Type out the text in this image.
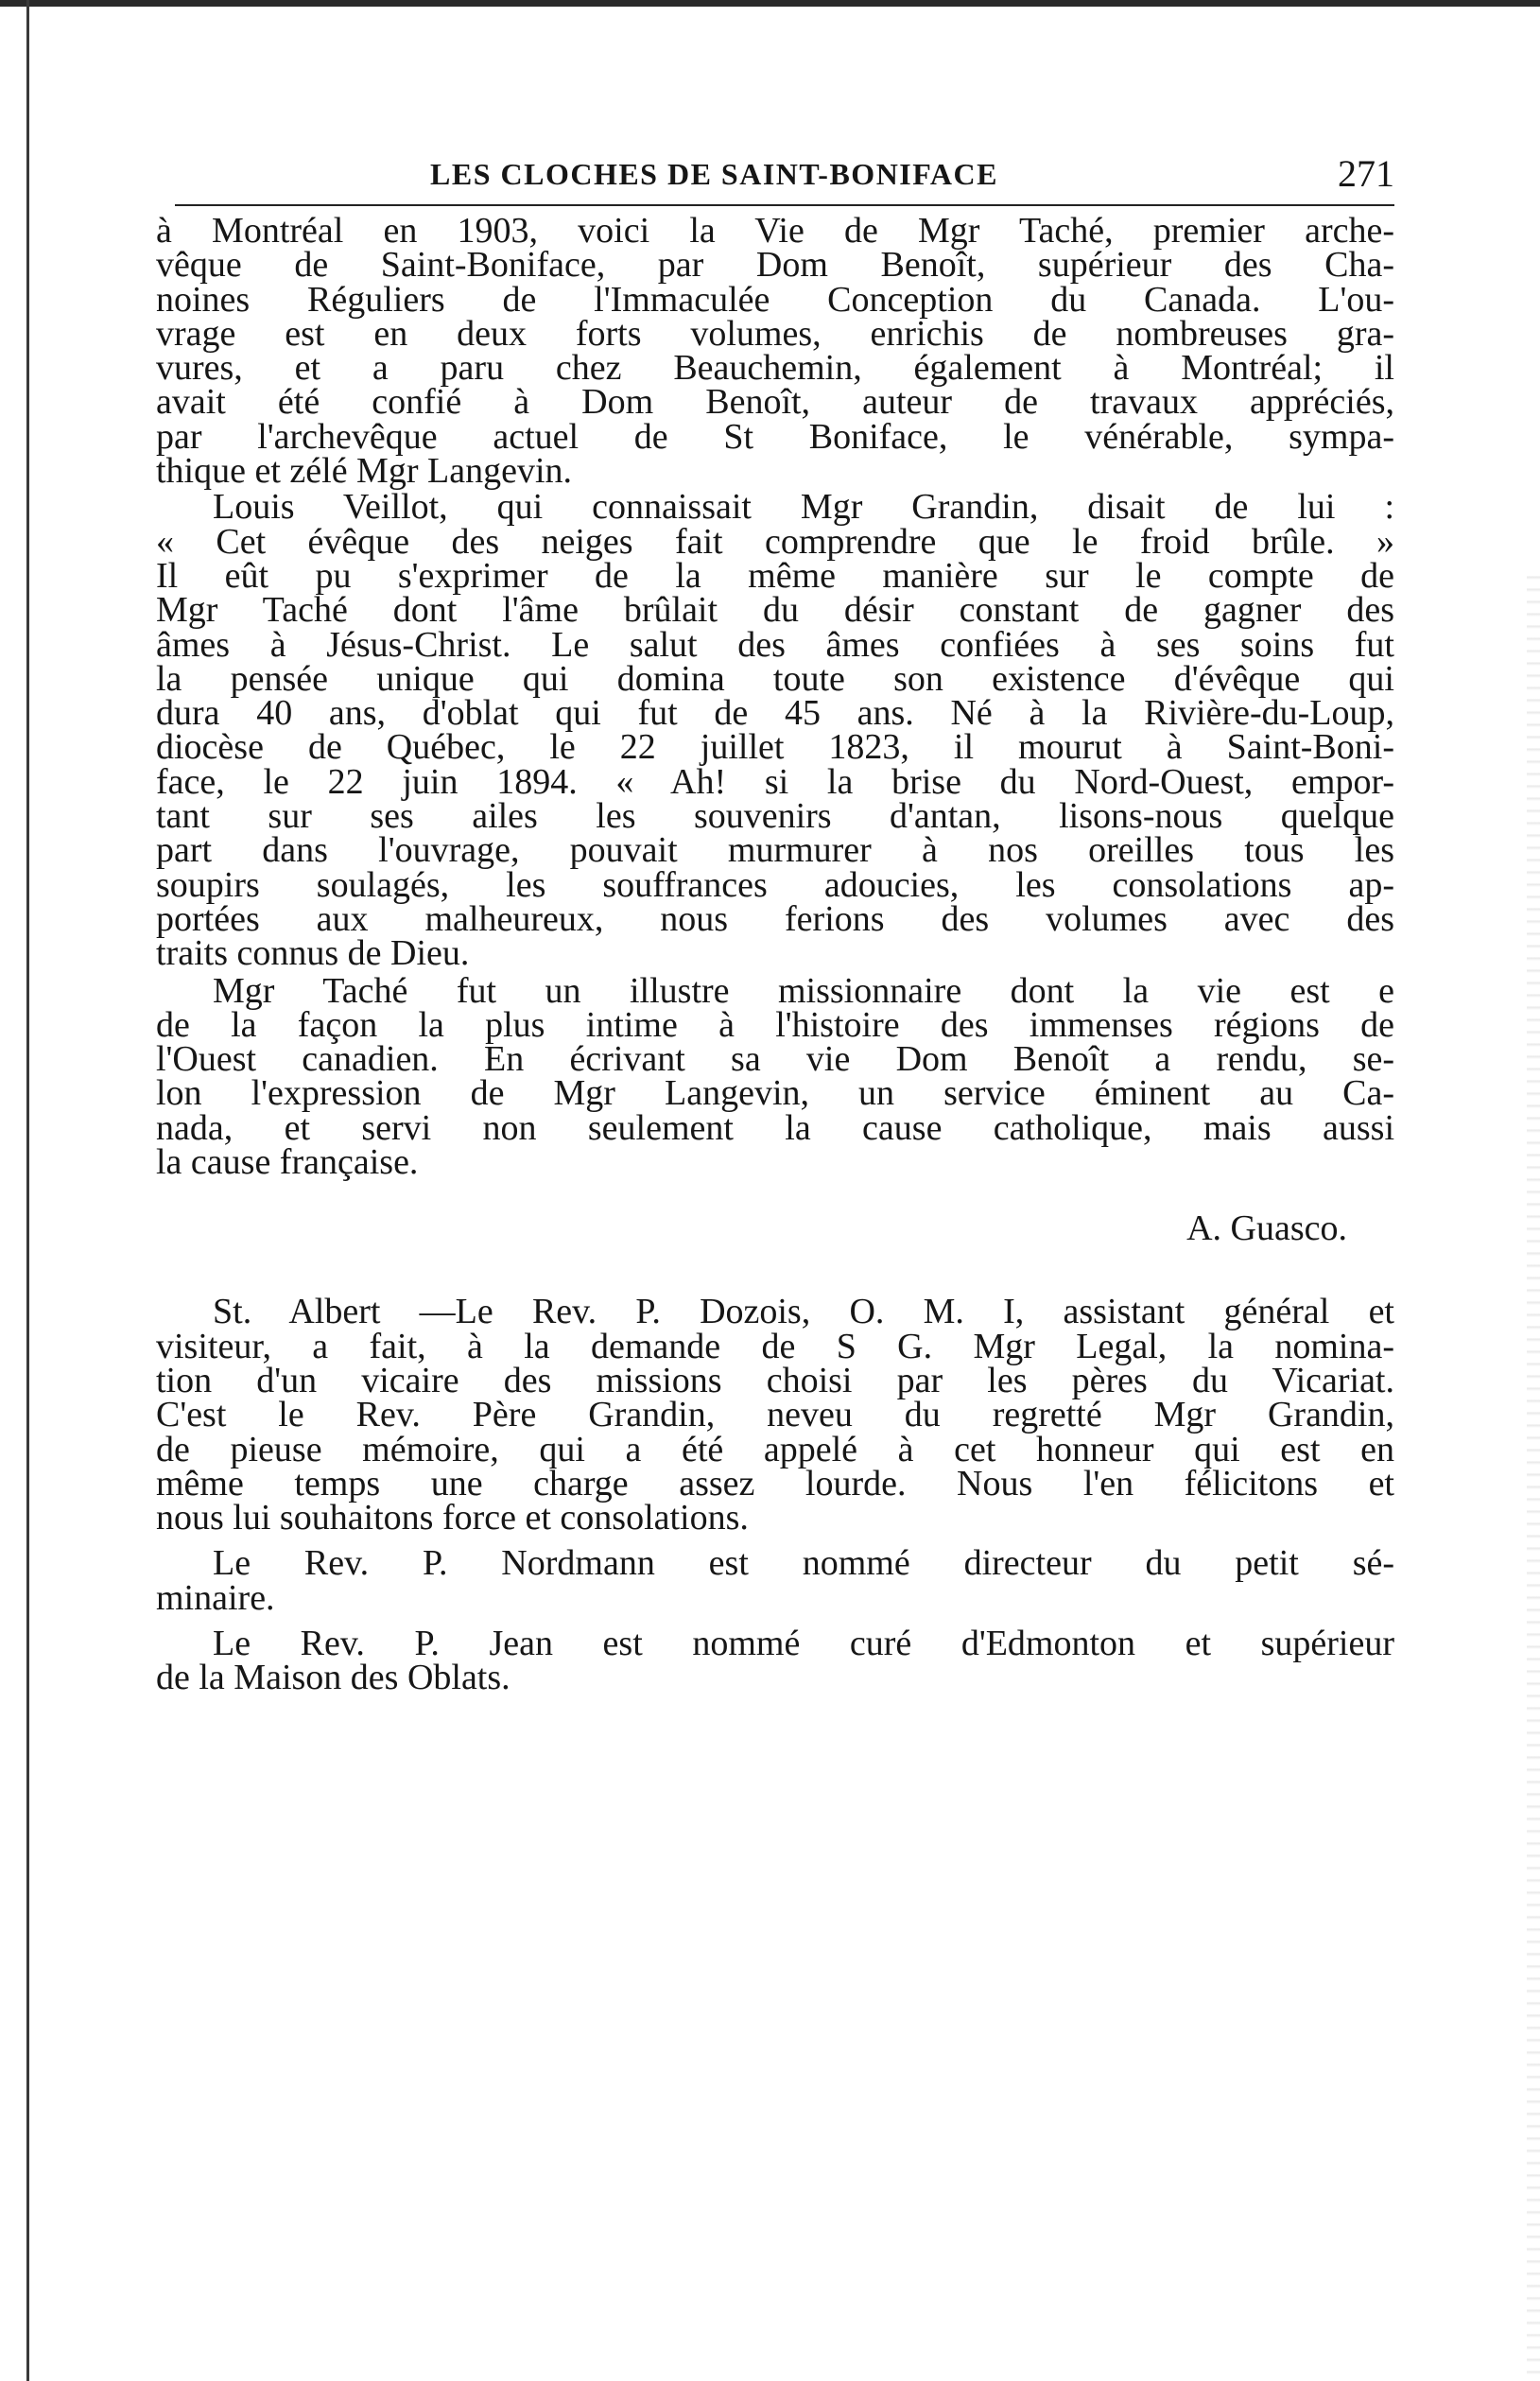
LES CLOCHES DE SAINT-BONIFACE	271
à Montréal en 1903, voici la Vie de Mgr Taché, premier arche-
vêque de Saint-Boniface, par Dom Benoît, supérieur des Cha-
noines Réguliers de l'Immaculée Conception du Canada. L'ou-
vrage est en deux forts volumes, enrichis de nombreuses gra-
vures, et a paru chez Beauchemin, également à Montréal; il
avait été confié à Dom Benoît, auteur de travaux appréciés,
par l'archevêque actuel de St Boniface, le vénérable, sympa-
thique et zélé Mgr Langevin.
Louis Veillot, qui connaissait Mgr Grandin, disait de lui :
« Cet évêque des neiges fait comprendre que le froid brûle. »
Il eût pu s'exprimer de la même manière sur le compte de
Mgr Taché dont l'âme brûlait du désir constant de gagner des
âmes à Jésus-Christ. Le salut des âmes confiées à ses soins fut
la pensée unique qui domina toute son existence d'évêque qui
dura 40 ans, d'oblat qui fut de 45 ans. Né à la Rivière-du-Loup,
diocèse de Québec, le 22 juillet 1823, il mourut à Saint-Boni-
face, le 22 juin 1894. « Ah! si la brise du Nord-Ouest, empor-
tant sur ses ailes les souvenirs d'antan, lisons-nous quelque
part dans l'ouvrage, pouvait murmurer à nos oreilles tous les
soupirs soulagés, les souffrances adoucies, les consolations ap-
portées aux malheureux, nous ferions des volumes avec des
traits connus de Dieu.
Mgr Taché fut un illustre missionnaire dont la vie est e
de la façon la plus intime à l'histoire des immenses régions de
l'Ouest canadien. En écrivant sa vie Dom Benoît a rendu, se-
lon l'expression de Mgr Langevin, un service éminent au Ca-
nada, et servi non seulement la cause catholique, mais aussi
la cause française.
A. Guasco.
St. Albert —Le Rev. P. Dozois, O. M. I, assistant général et
visiteur, a fait, à la demande de S G. Mgr Legal, la nomina-
tion d'un vicaire des missions choisi par les pères du Vicariat.
C'est le Rev. Père Grandin, neveu du regretté Mgr Grandin,
de pieuse mémoire, qui a été appelé à cet honneur qui est en
même temps une charge assez lourde. Nous l'en félicitons et
nous lui souhaitons force et consolations.
Le Rev. P. Nordmann est nommé directeur du petit sé-
minaire.
Le Rev. P. Jean est nommé curé d'Edmonton et supérieur
de la Maison des Oblats.
